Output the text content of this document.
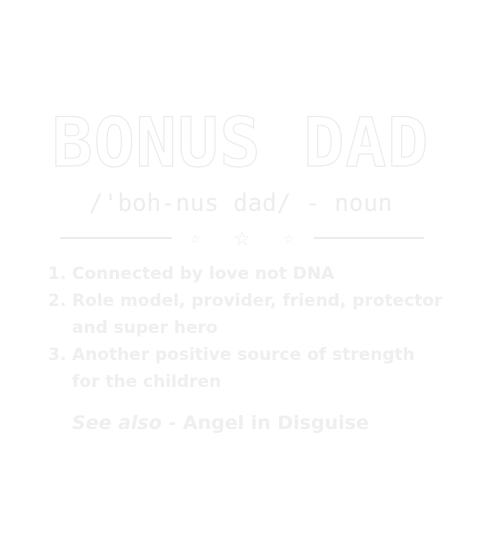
BONUS DAD
/'boh-nus dad/ - noun
☆ ☆	☆
1. Connected by love not DNA
2. Role model, provider, friend, protector and super hero
3. Another positive source of strength for the children
See also - Angel in Disguise
